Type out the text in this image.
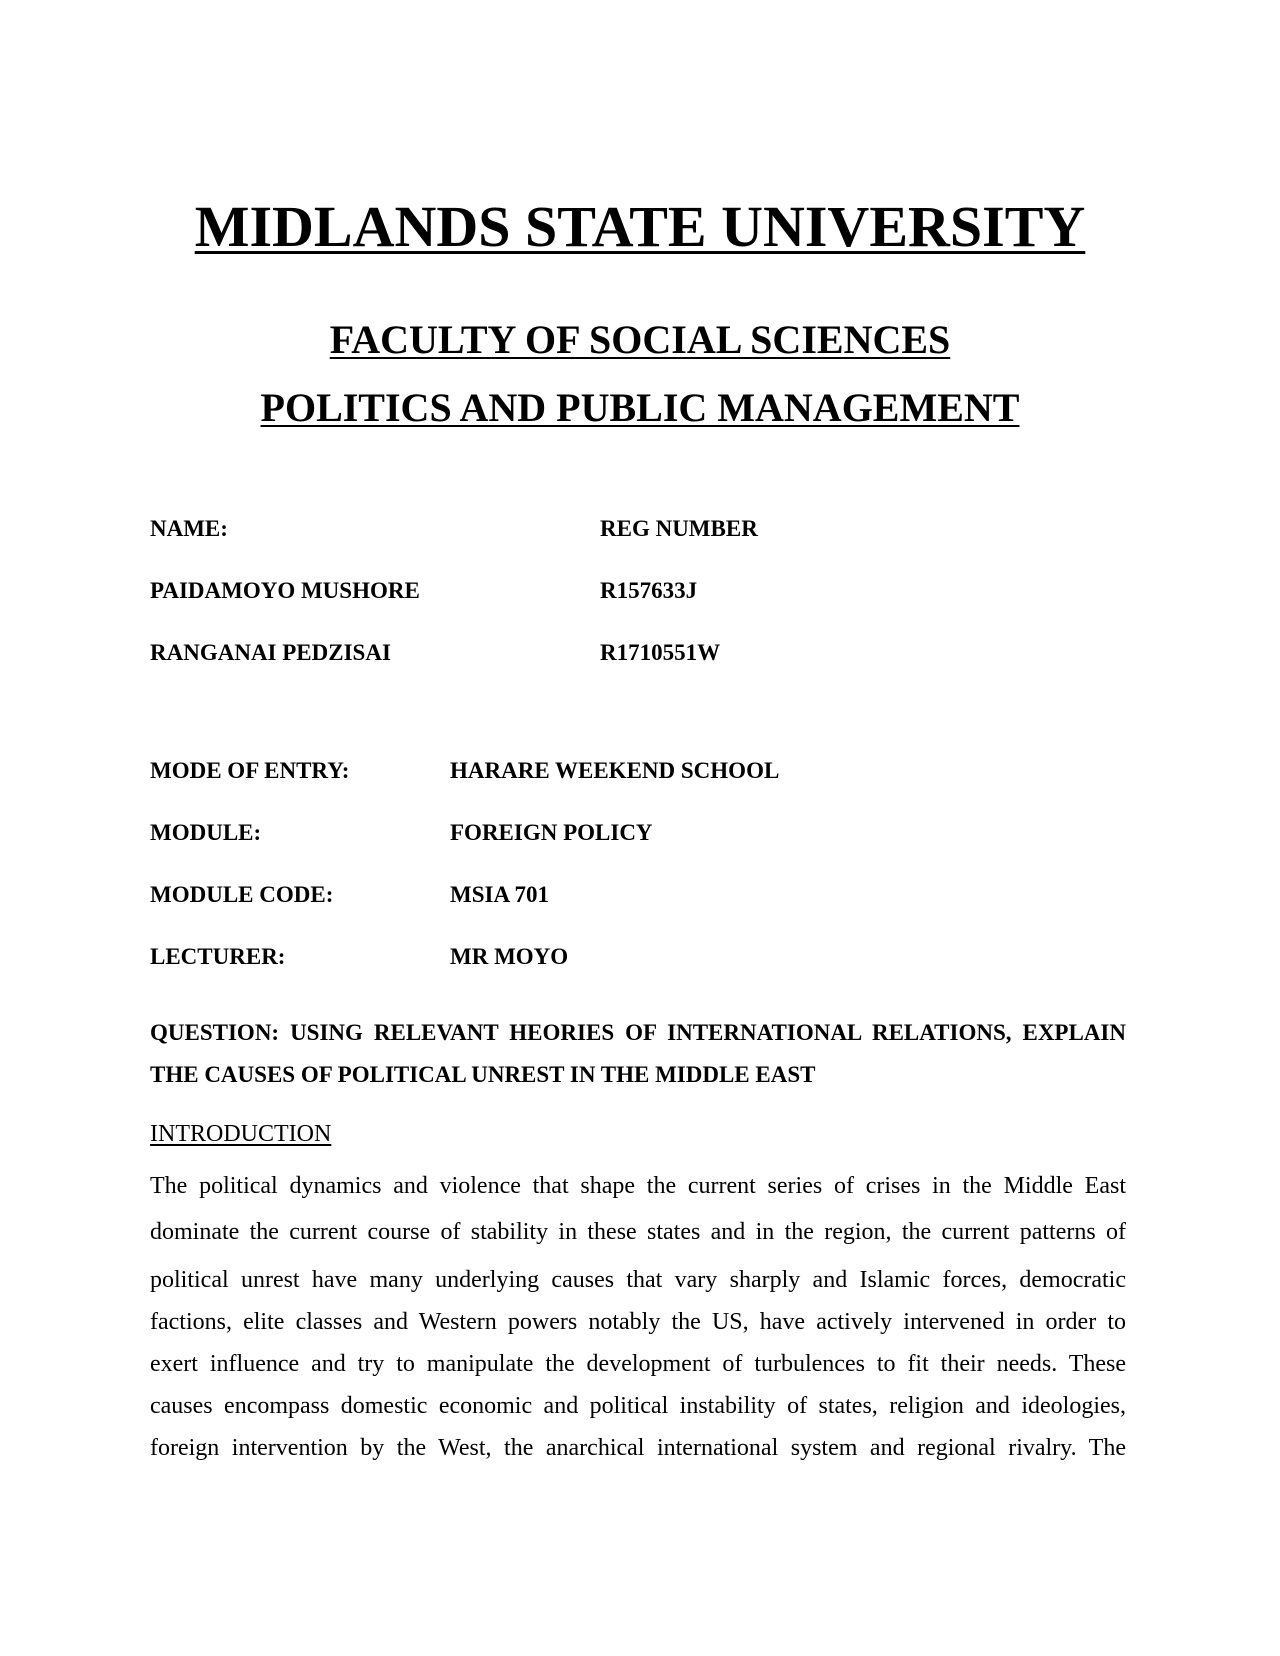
MIDLANDS STATE UNIVERSITY
FACULTY OF SOCIAL SCIENCES
POLITICS AND PUBLIC MANAGEMENT
NAME:	REG NUMBER
PAIDAMOYO MUSHORE	R157633J
RANGANAI PEDZISAI	R1710551W
MODE OF ENTRY:	HARARE WEEKEND SCHOOL
MODULE:	FOREIGN POLICY
MODULE CODE:	MSIA 701
LECTURER:	MR MOYO
QUESTION: USING RELEVANT HEORIES OF INTERNATIONAL RELATIONS, EXPLAIN THE CAUSES OF POLITICAL UNREST IN THE MIDDLE EAST
INTRODUCTION
The political dynamics and violence that shape the current series of crises in the Middle East
dominate the current course of stability in these states and in the region, the current patterns of
political unrest have many underlying causes that vary sharply and Islamic forces, democratic
factions, elite classes and Western powers notably the US, have actively intervened in order to
exert influence and try to manipulate the development of turbulences to fit their needs. These
causes encompass domestic economic and political instability of states, religion and ideologies,
foreign intervention by the West, the anarchical international system and regional rivalry. The
